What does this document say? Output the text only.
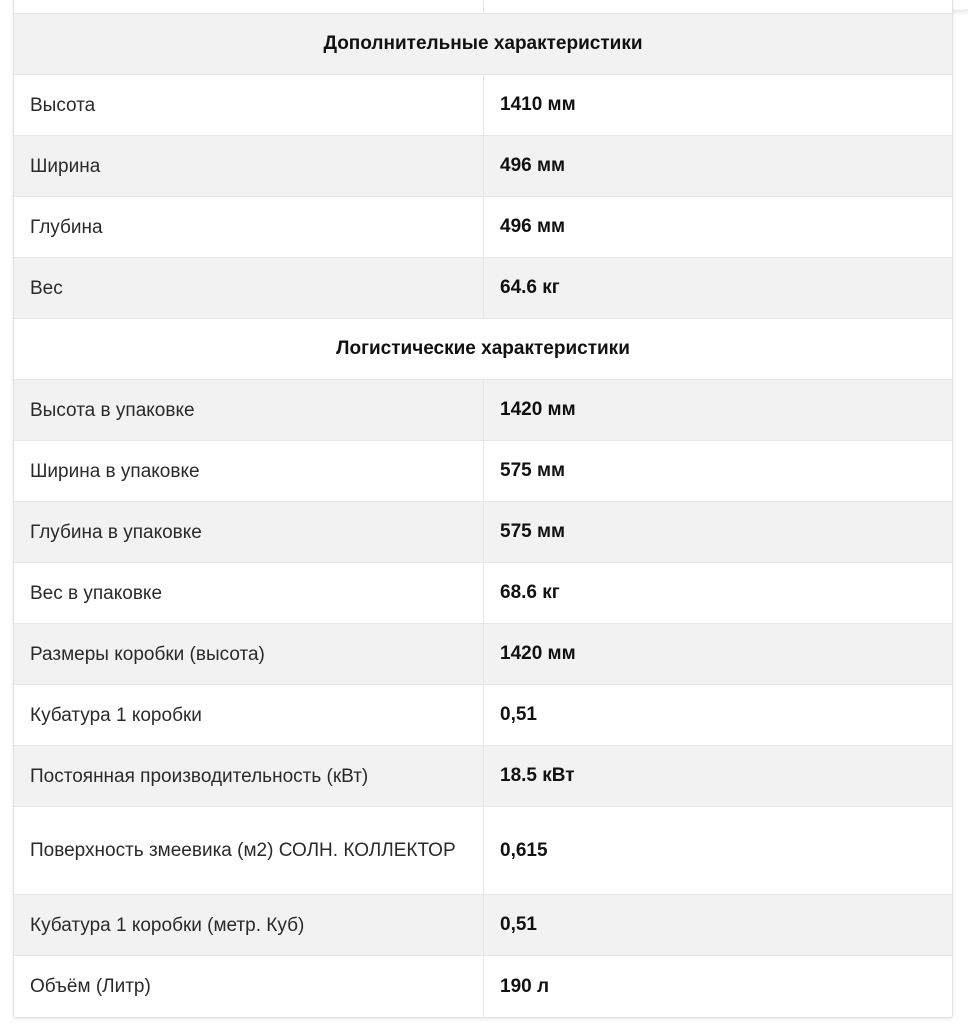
Дополнительные характеристики
Высота	1410 мм
Ширина	496 мм
Глубина	496 мм
Вес	64.6 кг
Логистические характеристики
Высота в упаковке	1420 мм
Ширина в упаковке	575 мм
Глубина в упаковке	575 мм
Вес в упаковке	68.6 кг
Размеры коробки (высота)	1420 мм
Кубатура 1 коробки	0,51
Постоянная производительность (кВт)	18.5 кВт
Поверхность змеевика (м2) СОЛН. КОЛЛЕКТОР	0,615
Кубатура 1 коробки (метр. Куб)	0,51
Объём (Литр)	190 л
